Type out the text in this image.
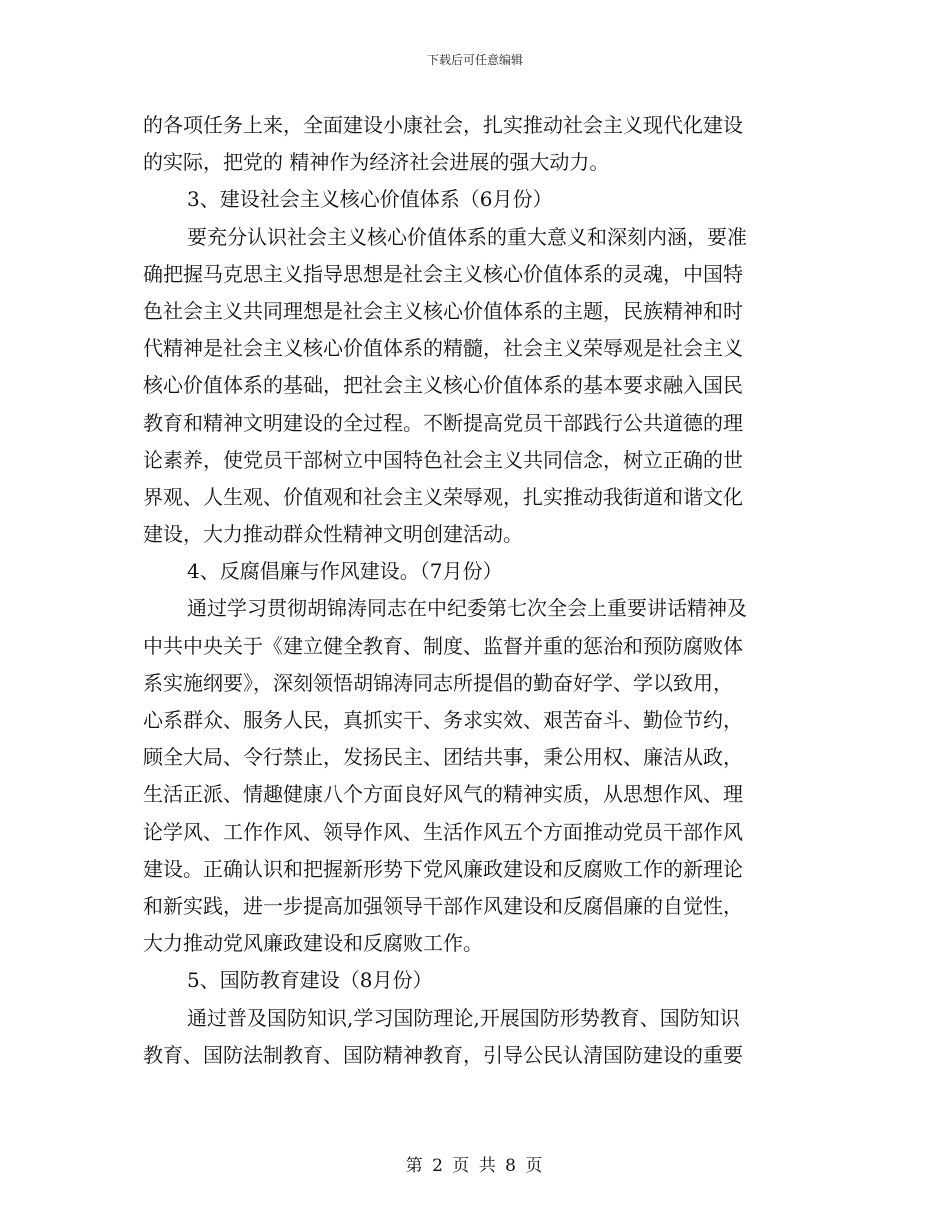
下载后可任意编辑
的各项任务上来，全面建设小康社会，扎实推动社会主义现代化建设
的实际，把党的 精神作为经济社会进展的强大动力。
3、建设社会主义核心价值体系（6月份）
要充分认识社会主义核心价值体系的重大意义和深刻内涵，要准
确把握马克思主义指导思想是社会主义核心价值体系的灵魂，中国特
色社会主义共同理想是社会主义核心价值体系的主题，民族精神和时
代精神是社会主义核心价值体系的精髓，社会主义荣辱观是社会主义
核心价值体系的基础，把社会主义核心价值体系的基本要求融入国民
教育和精神文明建设的全过程。不断提高党员干部践行公共道德的理
论素养，使党员干部树立中国特色社会主义共同信念，树立正确的世
界观、人生观、价值观和社会主义荣辱观，扎实推动我街道和谐文化
建设，大力推动群众性精神文明创建活动。
4、反腐倡廉与作风建设。（7月份）
通过学习贯彻胡锦涛同志在中纪委第七次全会上重要讲话精神及
中共中央关于《建立健全教育、制度、监督并重的惩治和预防腐败体
系实施纲要》，深刻领悟胡锦涛同志所提倡的勤奋好学、学以致用，
心系群众、服务人民，真抓实干、务求实效、艰苦奋斗、勤俭节约，
顾全大局、令行禁止，发扬民主、团结共事，秉公用权、廉洁从政，
生活正派、情趣健康八个方面良好风气的精神实质，从思想作风、理
论学风、工作作风、领导作风、生活作风五个方面推动党员干部作风
建设。正确认识和把握新形势下党风廉政建设和反腐败工作的新理论
和新实践，进一步提高加强领导干部作风建设和反腐倡廉的自觉性，
大力推动党风廉政建设和反腐败工作。
5、国防教育建设（8月份）
通过普及国防知识,学习国防理论,开展国防形势教育、国防知识
教育、国防法制教育、国防精神教育，引导公民认清国防建设的重要
第 2 页 共 8 页
